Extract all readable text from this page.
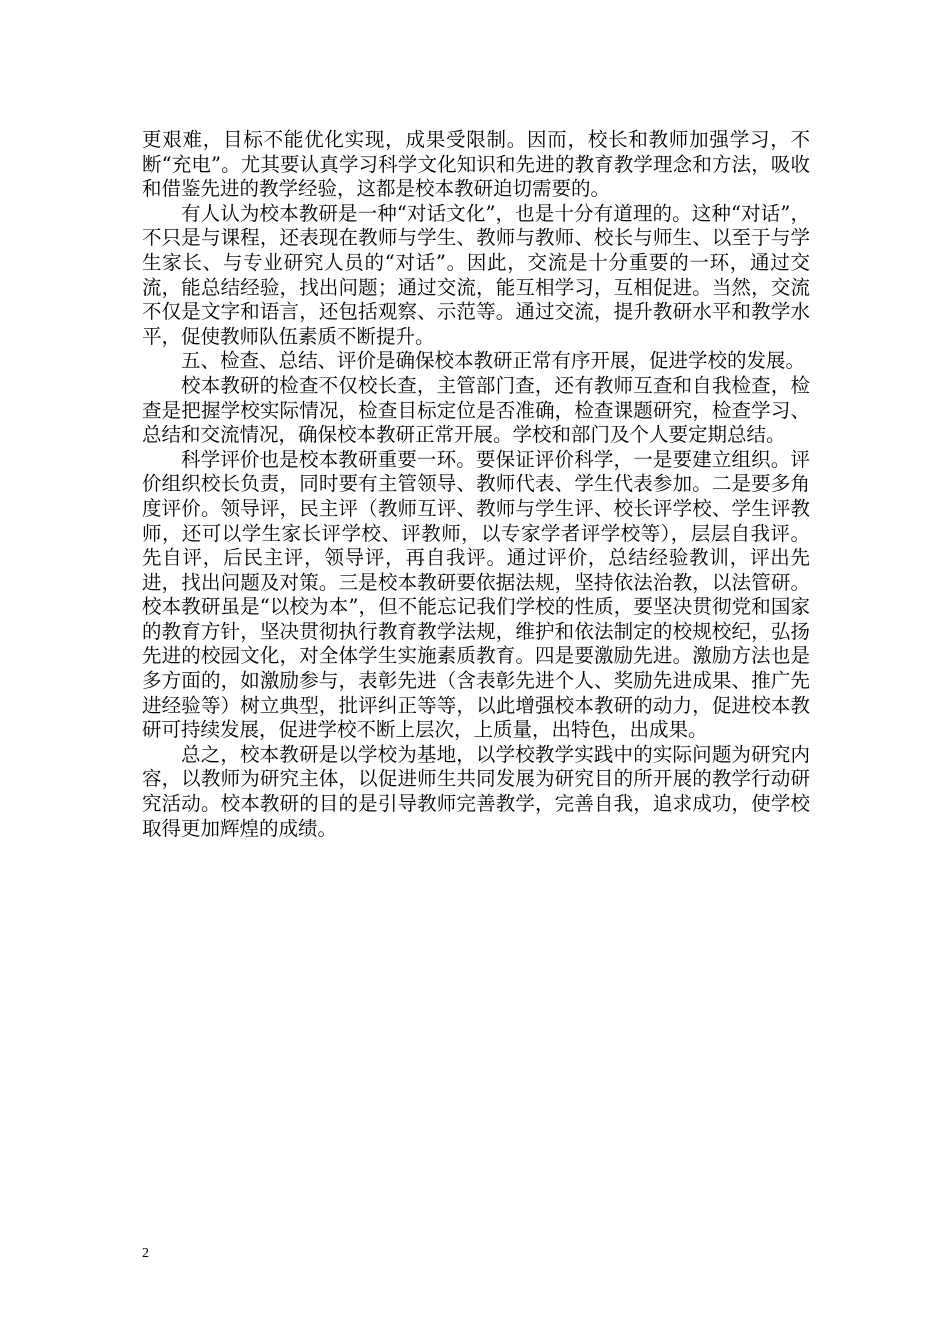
更艰难，目标不能优化实现，成果受限制。因而，校长和教师加强学习，不断“充电”。尤其要认真学习科学文化知识和先进的教育教学理念和方法，吸收和借鉴先进的教学经验，这都是校本教研迫切需要的。

有人认为校本教研是一种“对话文化”，也是十分有道理的。这种“对话”，不只是与课程，还表现在教师与学生、教师与教师、校长与师生、以至于与学生家长、与专业研究人员的“对话”。因此，交流是十分重要的一环，通过交流，能总结经验，找出问题；通过交流，能互相学习，互相促进。当然，交流不仅是文字和语言，还包括观察、示范等。通过交流，提升教研水平和教学水平，促使教师队伍素质不断提升。

五、检查、总结、评价是确保校本教研正常有序开展，促进学校的发展。

校本教研的检查不仅校长查，主管部门查，还有教师互查和自我检查，检查是把握学校实际情况，检查目标定位是否准确，检查课题研究，检查学习、总结和交流情况，确保校本教研正常开展。学校和部门及个人要定期总结。

科学评价也是校本教研重要一环。要保证评价科学，一是要建立组织。评价组织校长负责，同时要有主管领导、教师代表、学生代表参加。二是要多角度评价。领导评，民主评（教师互评、教师与学生评、校长评学校、学生评教师，还可以学生家长评学校、评教师，以专家学者评学校等），层层自我评。先自评，后民主评，领导评，再自我评。通过评价，总结经验教训，评出先进，找出问题及对策。三是校本教研要依据法规，坚持依法治教，以法管研。校本教研虽是“以校为本”，但不能忘记我们学校的性质，要坚决贯彻党和国家的教育方针，坚决贯彻执行教育教学法规，维护和依法制定的校规校纪，弘扬先进的校园文化，对全体学生实施素质教育。四是要激励先进。激励方法也是多方面的，如激励参与，表彰先进（含表彰先进个人、奖励先进成果、推广先进经验等）树立典型，批评纠正等等，以此增强校本教研的动力，促进校本教研可持续发展，促进学校不断上层次，上质量，出特色，出成果。

总之，校本教研是以学校为基地，以学校教学实践中的实际问题为研究内容，以教师为研究主体，以促进师生共同发展为研究目的所开展的教学行动研究活动。校本教研的目的是引导教师完善教学，完善自我，追求成功，使学校取得更加辉煌的成绩。

2
